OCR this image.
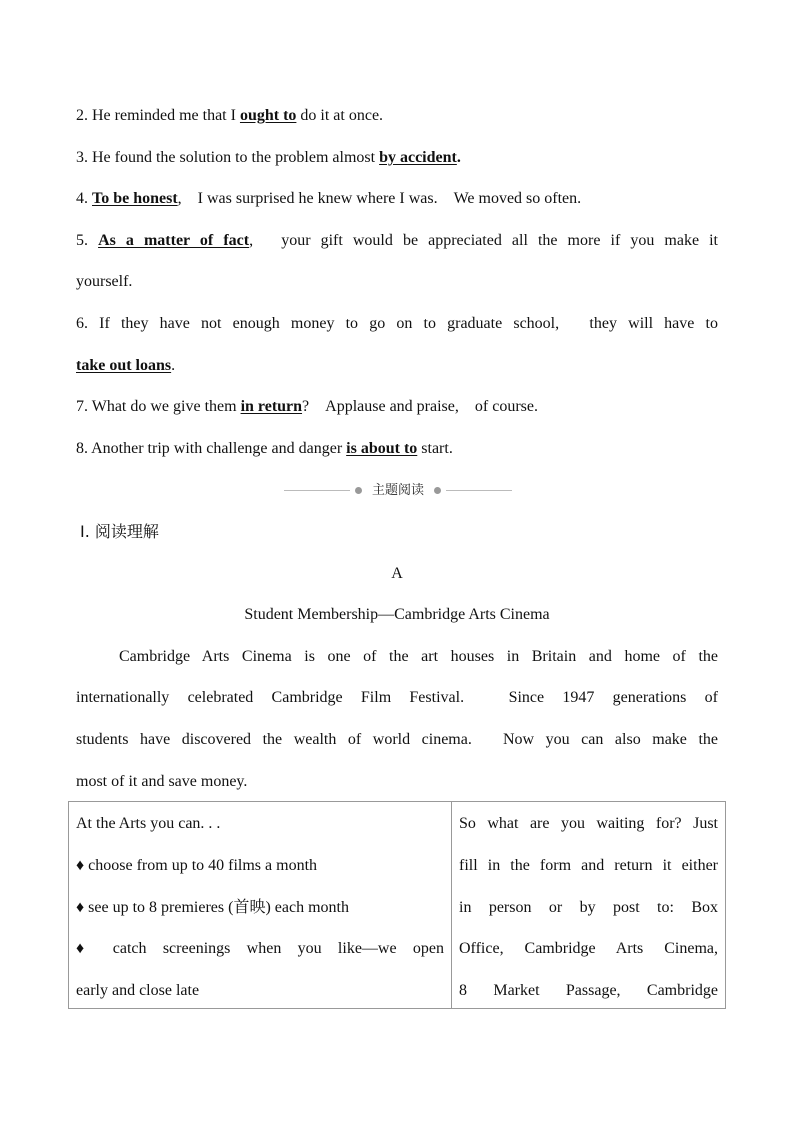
2. He reminded me that I ought to do it at once.
3. He found the solution to the problem almost by accident.
4. To be honest,　I was surprised he knew where I was.　We moved so often.
5. As a matter of fact,　your gift would be appreciated all the more if you make it
yourself.
6. If they have not enough money to go on to graduate school,　they will have to
take out loans.
7. What do we give them in return?　Applause and praise,　of course.
8. Another trip with challenge and danger is about to start.
主题阅读
Ⅰ. 阅读理解
A
Student Membership—Cambridge Arts Cinema
Cambridge Arts Cinema is one of the art houses in Britain and home of the
internationally celebrated Cambridge Film Festival.　Since 1947 generations of
students have discovered the wealth of world cinema.　Now you can also make the
most of it and save money.
At the Arts you can. . .
♦ choose from up to 40 films a month
♦ see up to 8 premieres (首映) each month
♦ catch screenings when you like—we open
early and close late

So what are you waiting for? Just
fill in the form and return it either
in person or by post to: Box
Office, Cambridge Arts Cinema,
8 Market Passage, Cambridge
